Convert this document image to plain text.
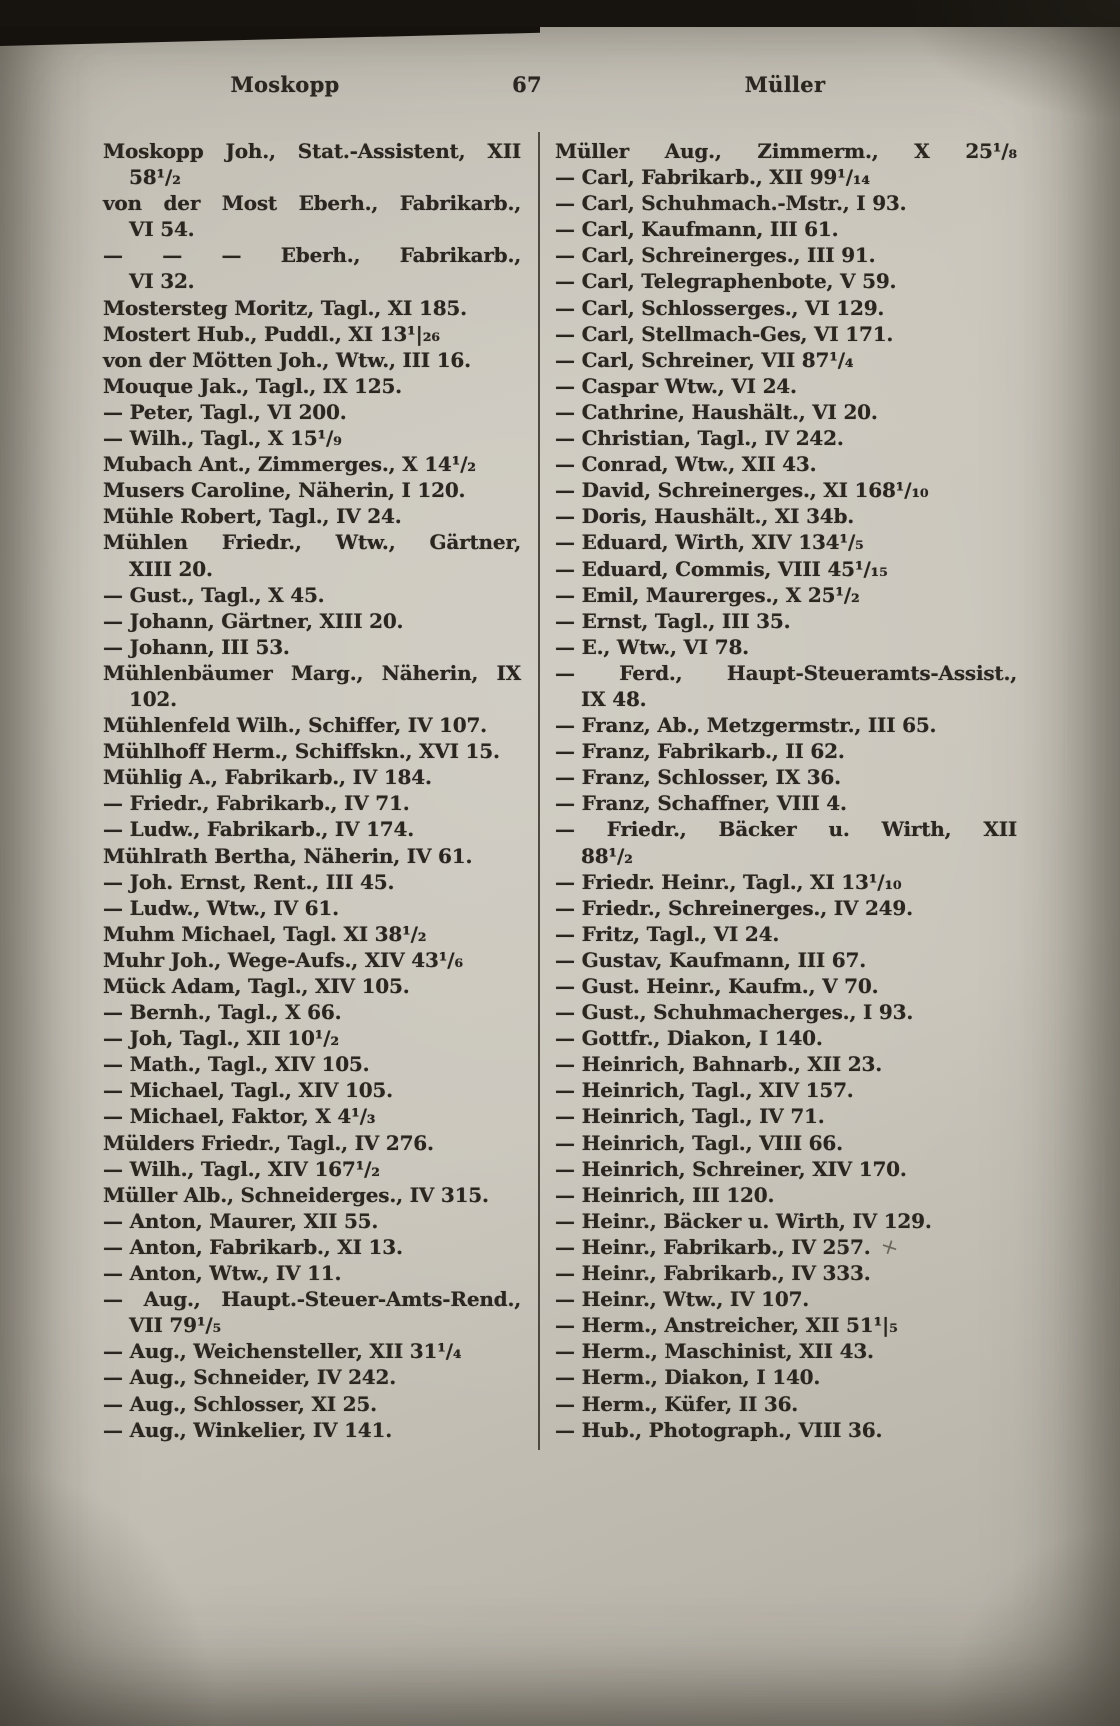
Moskopp	67	Müller
Moskopp Joh., Stat.-Assistent, XII
58¹/₂
von der Most Eberh., Fabrikarb.,
VI 54.
— — — Eberh., Fabrikarb.,
VI 32.
Mostersteg Moritz, Tagl., XI 185.
Mostert Hub., Puddl., XI 13¹|₂₆
von der Mötten Joh., Wtw., III 16.
Mouque Jak., Tagl., IX 125.
— Peter, Tagl., VI 200.
— Wilh., Tagl., X 15¹/₉
Mubach Ant., Zimmerges., X 14¹/₂
Musers Caroline, Näherin, I 120.
Mühle Robert, Tagl., IV 24.
Mühlen Friedr., Wtw., Gärtner,
XIII 20.
— Gust., Tagl., X 45.
— Johann, Gärtner, XIII 20.
— Johann, III 53.
Mühlenbäumer Marg., Näherin, IX
102.
Mühlenfeld Wilh., Schiffer, IV 107.
Mühlhoff Herm., Schiffskn., XVI 15.
Mühlig A., Fabrikarb., IV 184.
— Friedr., Fabrikarb., IV 71.
— Ludw., Fabrikarb., IV 174.
Mühlrath Bertha, Näherin, IV 61.
— Joh. Ernst, Rent., III 45.
— Ludw., Wtw., IV 61.
Muhm Michael, Tagl. XI 38¹/₂
Muhr Joh., Wege-Aufs., XIV 43¹/₆
Mück Adam, Tagl., XIV 105.
— Bernh., Tagl., X 66.
— Joh, Tagl., XII 10¹/₂
— Math., Tagl., XIV 105.
— Michael, Tagl., XIV 105.
— Michael, Faktor, X 4¹/₃
Mülders Friedr., Tagl., IV 276.
— Wilh., Tagl., XIV 167¹/₂
Müller Alb., Schneiderges., IV 315.
— Anton, Maurer, XII 55.
— Anton, Fabrikarb., XI 13.
— Anton, Wtw., IV 11.
— Aug., Haupt.-Steuer-Amts-Rend.,
VII 79¹/₅
— Aug., Weichensteller, XII 31¹/₄
— Aug., Schneider, IV 242.
— Aug., Schlosser, XI 25.
— Aug., Winkelier, IV 141.
Müller Aug., Zimmerm., X 25¹/₈
— Carl, Fabrikarb., XII 99¹/₁₄
— Carl, Schuhmach.-Mstr., I 93.
— Carl, Kaufmann, III 61.
— Carl, Schreinerges., III 91.
— Carl, Telegraphenbote, V 59.
— Carl, Schlosserges., VI 129.
— Carl, Stellmach-Ges, VI 171.
— Carl, Schreiner, VII 87¹/₄
— Caspar Wtw., VI 24.
— Cathrine, Haushält., VI 20.
— Christian, Tagl., IV 242.
— Conrad, Wtw., XII 43.
— David, Schreinerges., XI 168¹/₁₀
— Doris, Haushält., XI 34b.
— Eduard, Wirth, XIV 134¹/₅
— Eduard, Commis, VIII 45¹/₁₅
— Emil, Maurerges., X 25¹/₂
— Ernst, Tagl., III 35.
— E., Wtw., VI 78.
— Ferd., Haupt-Steueramts-Assist.,
IX 48.
— Franz, Ab., Metzgermstr., III 65.
— Franz, Fabrikarb., II 62.
— Franz, Schlosser, IX 36.
— Franz, Schaffner, VIII 4.
— Friedr., Bäcker u. Wirth, XII
88¹/₂
— Friedr. Heinr., Tagl., XI 13¹/₁₀
— Friedr., Schreinerges., IV 249.
— Fritz, Tagl., VI 24.
— Gustav, Kaufmann, III 67.
— Gust. Heinr., Kaufm., V 70.
— Gust., Schuhmacherges., I 93.
— Gottfr., Diakon, I 140.
— Heinrich, Bahnarb., XII 23.
— Heinrich, Tagl., XIV 157.
— Heinrich, Tagl., IV 71.
— Heinrich, Tagl., VIII 66.
— Heinrich, Schreiner, XIV 170.
— Heinrich, III 120.
— Heinr., Bäcker u. Wirth, IV 129.
— Heinr., Fabrikarb., IV 257. +
— Heinr., Fabrikarb., IV 333.
— Heinr., Wtw., IV 107.
— Herm., Anstreicher, XII 51¹|₅
— Herm., Maschinist, XII 43.
— Herm., Diakon, I 140.
— Herm., Küfer, II 36.
— Hub., Photograph., VIII 36.
